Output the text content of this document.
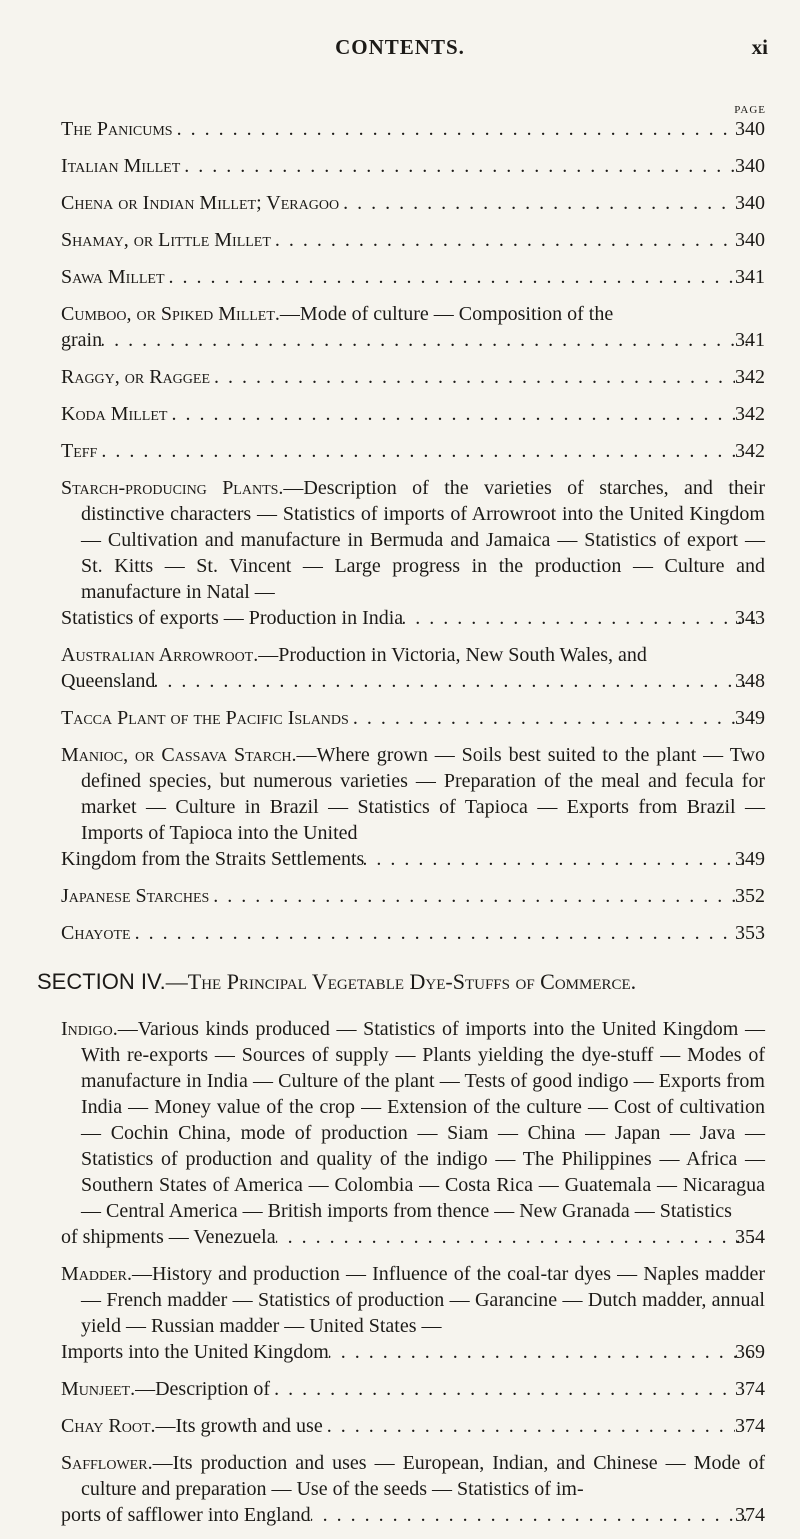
CONTENTS.	xi
PAGE
The Panicums . . .	340
Italian Millet . . .	340
Chena or Indian Millet; Veragoo . . .	340
Shamay, or Little Millet . . .	340
Sawa Millet . . .	341
Cumboo, or Spiked Millet.—Mode of culture — Composition of the
grain . . .	341
Raggy, or Raggee . . .	342
Koda Millet . . .	342
Teff . . .	342
Starch-producing Plants.—Description of the varieties of starches, and their distinctive characters — Statistics of imports of Arrowroot into the United Kingdom — Cultivation and manufacture in Bermuda and Jamaica — Statistics of export — St. Kitts — St. Vincent — Large progress in the production — Culture and manufacture in Natal —
Statistics of exports — Production in India . . .	343
Australian Arrowroot.—Production in Victoria, New South Wales, and
Queensland . . .	348
Tacca Plant of the Pacific Islands . . .	349
Manioc, or Cassava Starch.—Where grown — Soils best suited to the plant — Two defined species, but numerous varieties — Preparation of the meal and fecula for market — Culture in Brazil — Statistics of Tapioca — Exports from Brazil — Imports of Tapioca into the United
Kingdom from the Straits Settlements . . .	349
Japanese Starches . . .	352
Chayote . . .	353
SECTION IV.—The Principal Vegetable Dye-Stuffs of Commerce.
Indigo.—Various kinds produced — Statistics of imports into the United Kingdom — With re-exports — Sources of supply — Plants yielding the dye-stuff — Modes of manufacture in India — Culture of the plant — Tests of good indigo — Exports from India — Money value of the crop — Extension of the culture — Cost of cultivation — Cochin China, mode of production — Siam — China — Japan — Java — Statistics of production and quality of the indigo — The Philippines — Africa — Southern States of America — Colombia — Costa Rica — Guatemala — Nicaragua — Central America — British imports from thence — New Granada — Statistics
of shipments — Venezuela . . .	354
Madder.—History and production — Influence of the coal-tar dyes — Naples madder — French madder — Statistics of production — Garancine — Dutch madder, annual yield — Russian madder — United States —
Imports into the United Kingdom . . .	369
Munjeet.—Description of . . .	374
Chay Root.—Its growth and use . . .	374
Safflower.—Its production and uses — European, Indian, and Chinese — Mode of culture and preparation — Use of the seeds — Statistics of im-
ports of safflower into England . . .	374
